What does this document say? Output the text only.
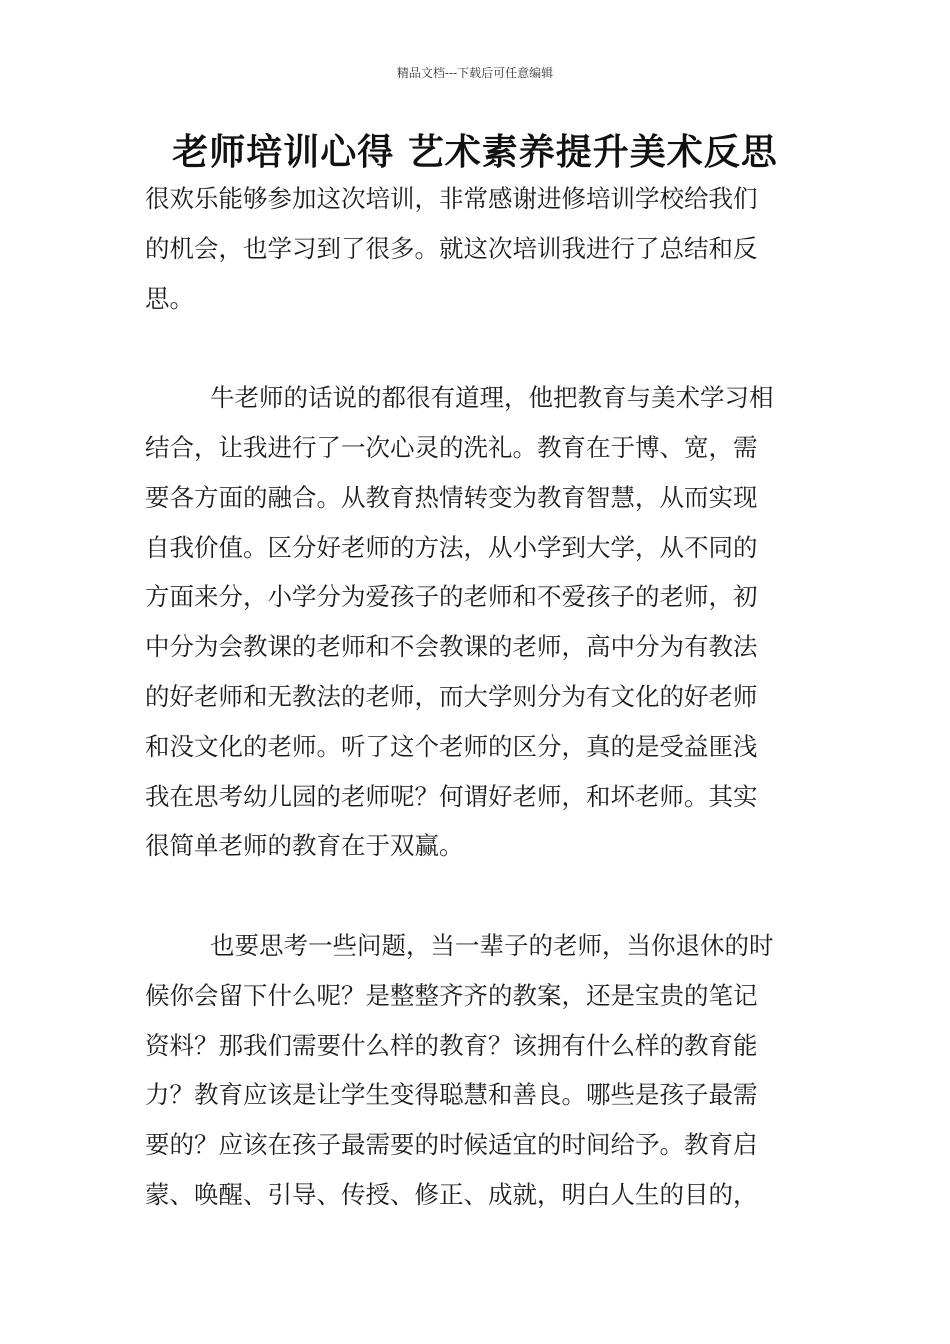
精品文档---下载后可任意编辑
老师培训心得 艺术素养提升美术反思
很欢乐能够参加这次培训，非常感谢进修培训学校给我们
的机会，也学习到了很多。就这次培训我进行了总结和反
思。
牛老师的话说的都很有道理，他把教育与美术学习相
结合，让我进行了一次心灵的洗礼。教育在于博、宽，需
要各方面的融合。从教育热情转变为教育智慧，从而实现
自我价值。区分好老师的方法，从小学到大学，从不同的
方面来分，小学分为爱孩子的老师和不爱孩子的老师，初
中分为会教课的老师和不会教课的老师，高中分为有教法
的好老师和无教法的老师，而大学则分为有文化的好老师
和没文化的老师。听了这个老师的区分，真的是受益匪浅
我在思考幼儿园的老师呢？何谓好老师，和坏老师。其实
很简单老师的教育在于双赢。
也要思考一些问题，当一辈子的老师，当你退休的时
候你会留下什么呢？是整整齐齐的教案，还是宝贵的笔记
资料？那我们需要什么样的教育？该拥有什么样的教育能
力？教育应该是让学生变得聪慧和善良。哪些是孩子最需
要的？应该在孩子最需要的时候适宜的时间给予。教育启
蒙、唤醒、引导、传授、修正、成就，明白人生的目的，
